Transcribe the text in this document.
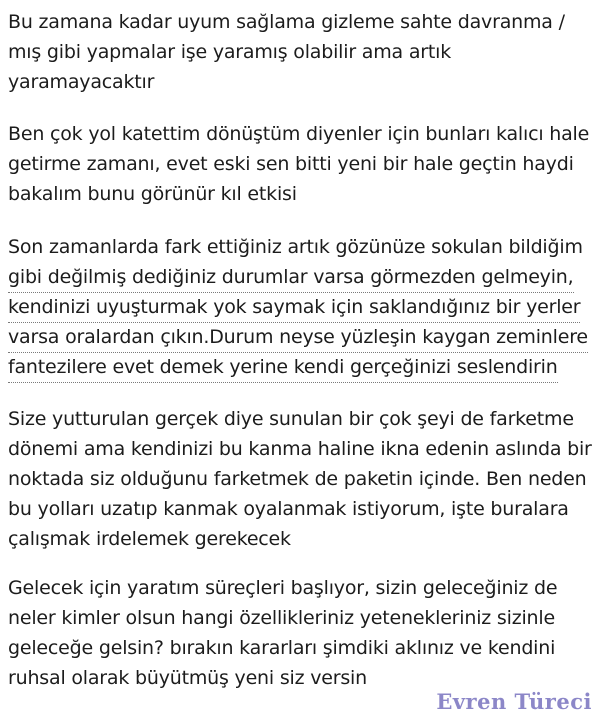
Bu zamana kadar uyum sağlama gizleme sahte davranma /
mış gibi yapmalar işe yaramış olabilir ama artık
yaramayacaktır

Ben çok yol katettim dönüştüm diyenler için bunları kalıcı hale
getirme zamanı, evet eski sen bitti yeni bir hale geçtin haydi
bakalım bunu görünür kıl etkisi

Son zamanlarda fark ettiğiniz artık gözünüze sokulan bildiğim
gibi değilmiş dediğiniz durumlar varsa görmezden gelmeyin,
kendinizi uyuşturmak yok saymak için saklandığınız bir yerler
varsa oralardan çıkın.Durum neyse yüzleşin kaygan zeminlere
fantezilere evet demek yerine kendi gerçeğinizi seslendirin

Size yutturulan gerçek diye sunulan bir çok şeyi de farketme
dönemi ama kendinizi bu kanma haline ikna edenin aslında bir
noktada siz olduğunu farketmek de paketin içinde. Ben neden
bu yolları uzatıp kanmak oyalanmak istiyorum, işte buralara
çalışmak irdelemek gerekecek

Gelecek için yaratım süreçleri başlıyor, sizin geleceğiniz de
neler kimler olsun hangi özellikleriniz yetenekleriniz sizinle
geleceğe gelsin? bırakın kararları şimdiki aklınız ve kendini
ruhsal olarak büyütmüş yeni siz versin

Evren Türeci
